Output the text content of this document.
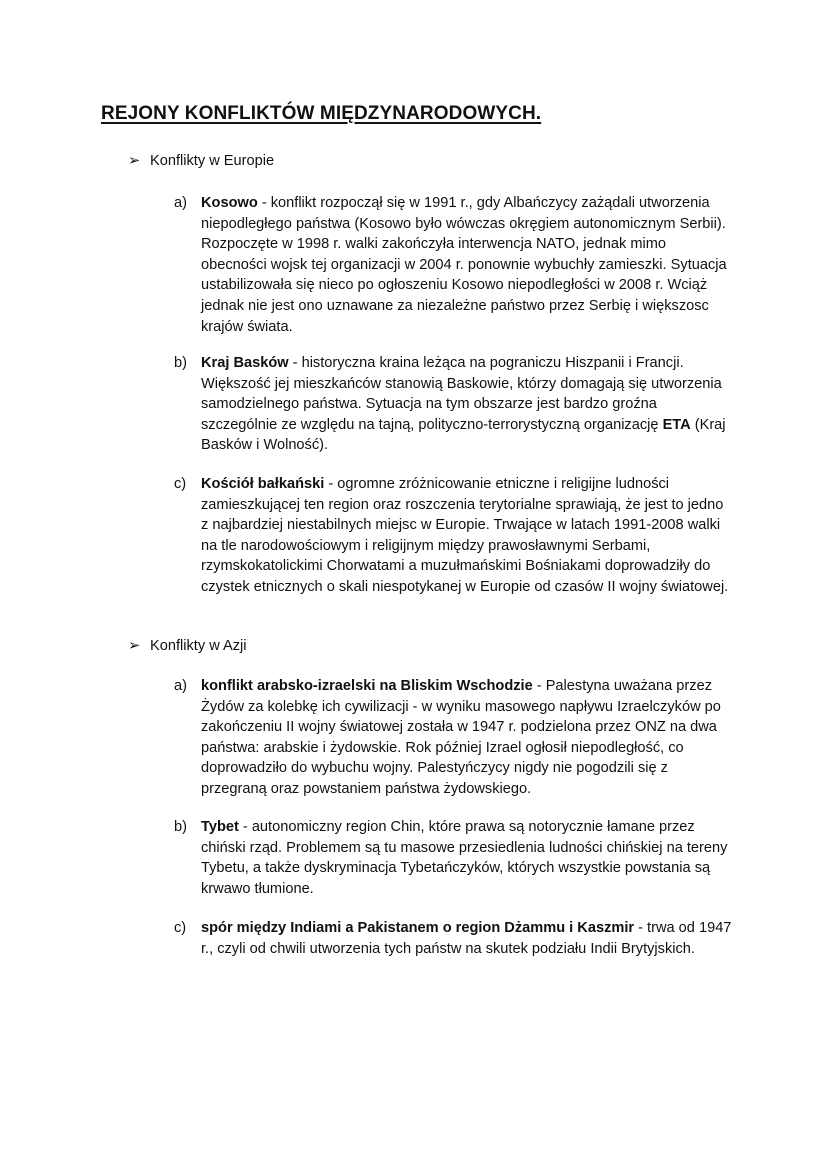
REJONY KONFLIKTÓW MIĘDZYNARODOWYCH.
➢ Konflikty w Europie
a) Kosowo - konflikt rozpoczął się w 1991 r., gdy Albańczycy zażądali utworzenia niepodległego państwa (Kosowo było wówczas okręgiem autonomicznym Serbii). Rozpoczęte w 1998 r. walki zakończyła interwencja NATO, jednak mimo obecności wojsk tej organizacji w 2004 r. ponownie wybuchły zamieszki. Sytuacja ustabilizowała się nieco po ogłoszeniu Kosowo niepodległości w 2008 r. Wciąż jednak nie jest ono uznawane za niezależne państwo przez Serbię i większosc krajów świata.
b) Kraj Basków - historyczna kraina leżąca na pograniczu Hiszpanii i Francji. Większość jej mieszkańców stanowią Baskowie, którzy domagają się utworzenia samodzielnego państwa. Sytuacja na tym obszarze jest bardzo groźna szczególnie ze względu na tajną, polityczno-terrorystyczną organizację ETA (Kraj Basków i Wolność).
c) Kościół bałkański - ogromne zróżnicowanie etniczne i religijne ludności zamieszkującej ten region oraz roszczenia terytorialne sprawiają, że jest to jedno z najbardziej niestabilnych miejsc w Europie. Trwające w latach 1991-2008 walki na tle narodowościowym i religijnym między prawosławnymi Serbami, rzymskokatolickimi Chorwatami a muzułmańskimi Bośniakami doprowadziły do czystek etnicznych o skali niespotykanej w Europie od czasów II wojny światowej.
➢ Konflikty w Azji
a) konflikt arabsko-izraelski na Bliskim Wschodzie - Palestyna uważana przez Żydów za kolebkę ich cywilizacji - w wyniku masowego napływu Izraelczyków po zakończeniu II wojny światowej została w 1947 r. podzielona przez ONZ na dwa państwa: arabskie i żydowskie. Rok później Izrael ogłosił niepodległość, co doprowadziło do wybuchu wojny. Palestyńczycy nigdy nie pogodzili się z przegraną oraz powstaniem państwa żydowskiego.
b) Tybet - autonomiczny region Chin, które prawa są notorycznie łamane przez chiński rząd. Problemem są tu masowe przesiedlenia ludności chińskiej na tereny Tybetu, a także dyskryminacja Tybetańczyków, których wszystkie powstania są krwawo tłumione.
c) spór między Indiami a Pakistanem o region Dżammu i Kaszmir - trwa od 1947 r., czyli od chwili utworzenia tych państw na skutek podziału Indii Brytyjskich.
